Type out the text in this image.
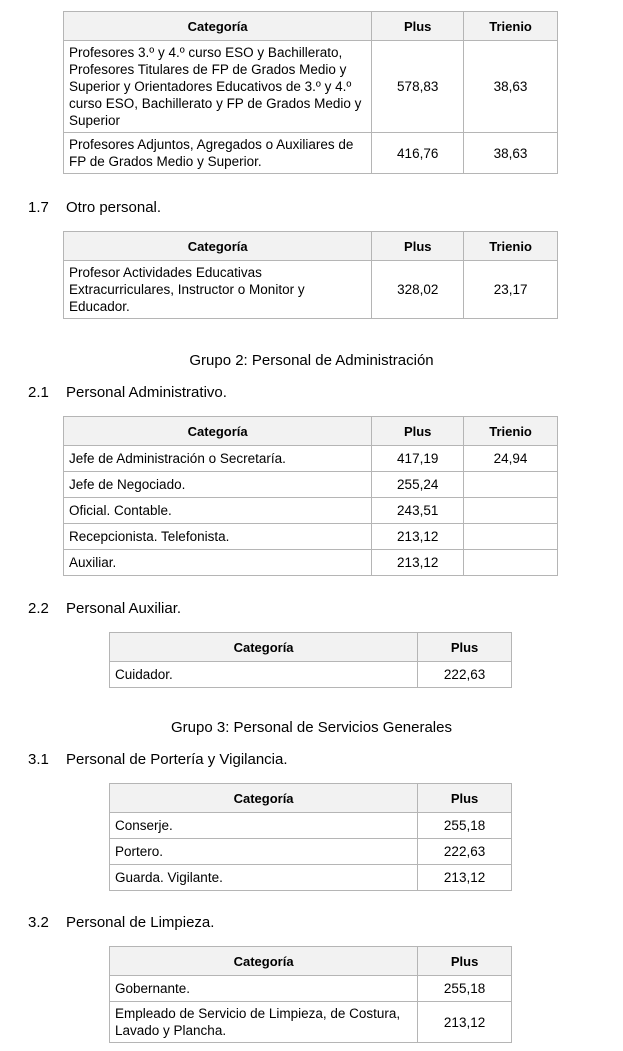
Categoría	Plus	Trienio
Profesores 3.º y 4.º curso ESO y Bachillerato, Profesores Titulares de FP de Grados Medio y Superior y Orientadores Educativos de 3.º y 4.º curso ESO, Bachillerato y FP de Grados Medio y Superior	578,83	38,63
Profesores Adjuntos, Agregados o Auxiliares de FP de Grados Medio y Superior.	416,76	38,63
1.7 Otro personal.
Categoría	Plus	Trienio
Profesor Actividades Educativas Extracurriculares, Instructor o Monitor y Educador.	328,02	23,17
Grupo 2: Personal de Administración
2.1 Personal Administrativo.
Categoría	Plus	Trienio
Jefe de Administración o Secretaría.	417,19	24,94
Jefe de Negociado.	255,24	
Oficial. Contable.	243,51	
Recepcionista. Telefonista.	213,12	
Auxiliar.	213,12	
2.2 Personal Auxiliar.
Categoría	Plus
Cuidador.	222,63
Grupo 3: Personal de Servicios Generales
3.1 Personal de Portería y Vigilancia.
Categoría	Plus
Conserje.	255,18
Portero.	222,63
Guarda. Vigilante.	213,12
3.2 Personal de Limpieza.
Categoría	Plus
Gobernante.	255,18
Empleado de Servicio de Limpieza, de Costura, Lavado y Plancha.	213,12
